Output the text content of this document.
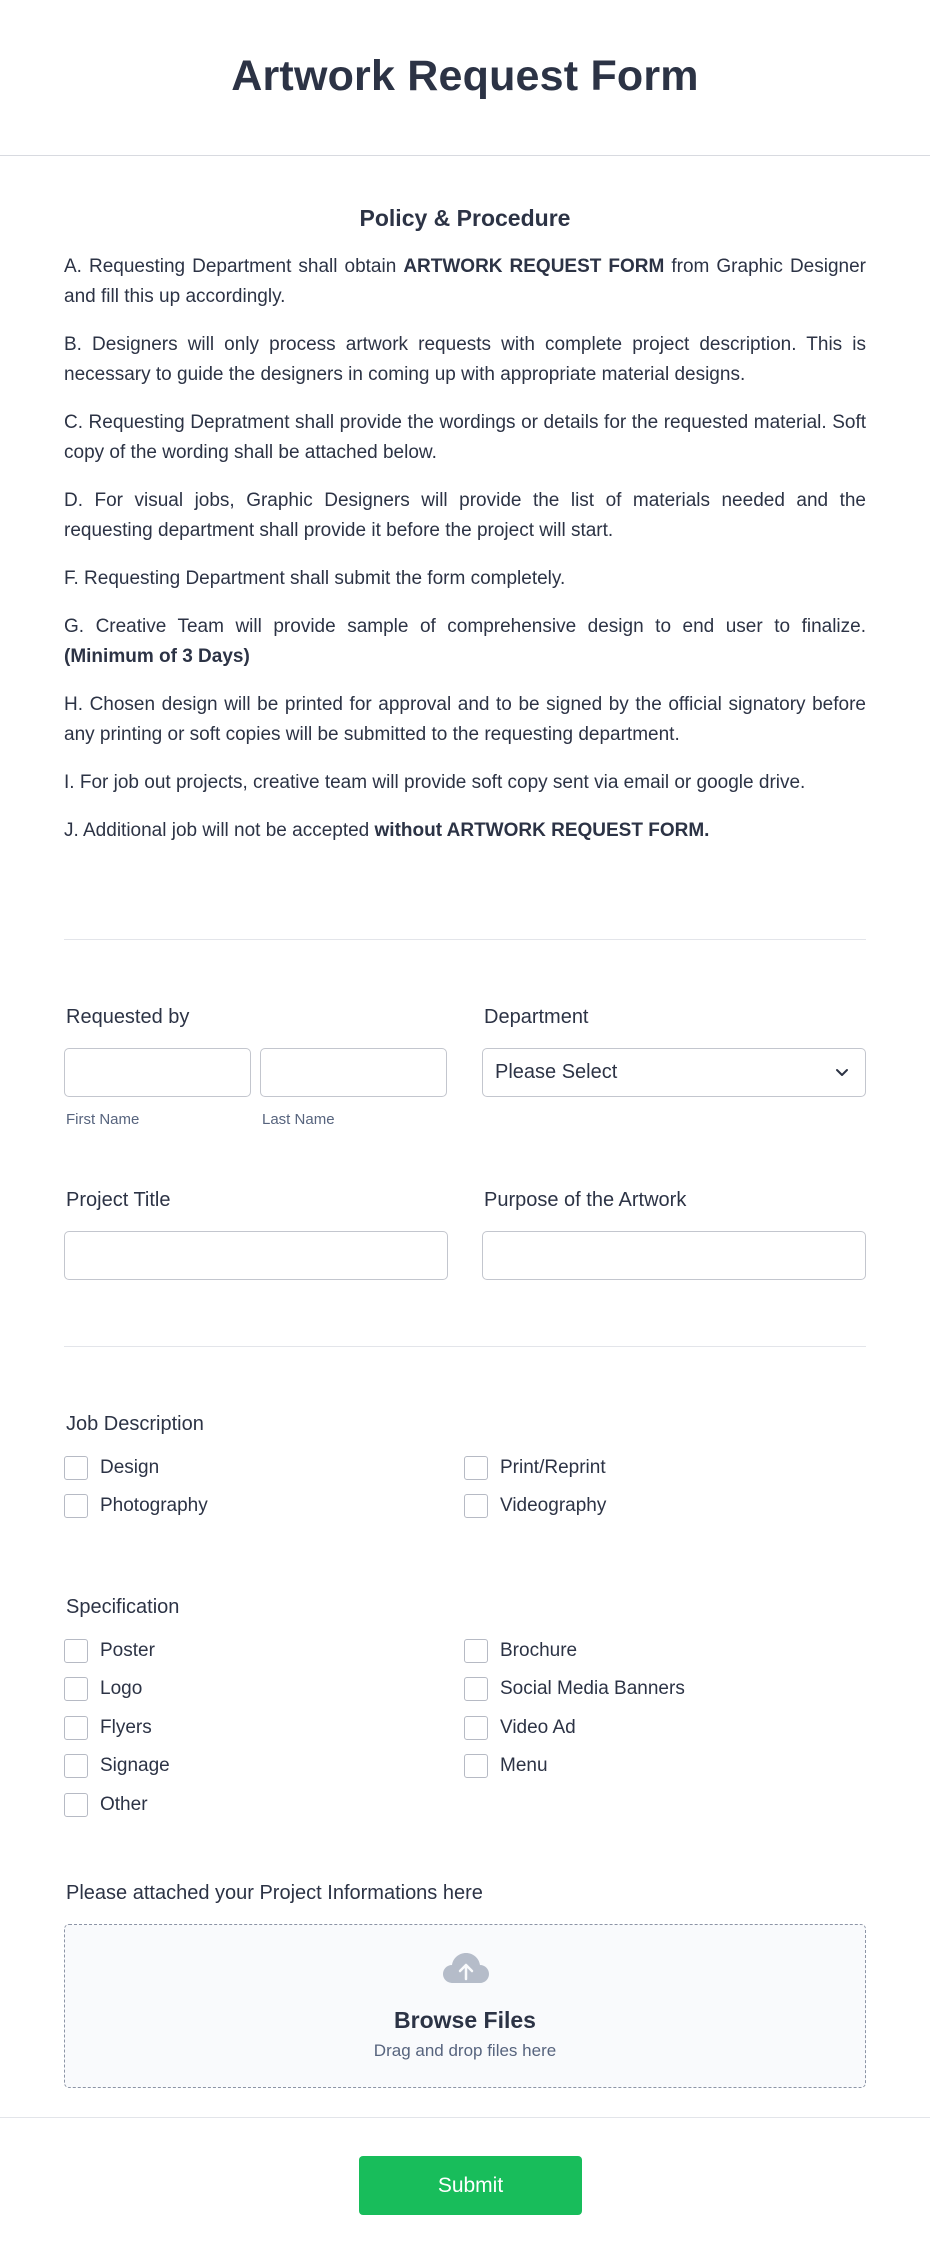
Artwork Request Form
Policy & Procedure

A. Requesting Department shall obtain ARTWORK REQUEST FORM from Graphic Designer and fill this up accordingly.

B. Designers will only process artwork requests with complete project description. This is necessary to guide the designers in coming up with appropriate material designs.

C. Requesting Depratment shall provide the wordings or details for the requested material. Soft copy of the wording shall be attached below.

D. For visual jobs, Graphic Designers will provide the list of materials needed and the requesting department shall provide it before the project will start.

F. Requesting Department shall submit the form completely.

G. Creative Team will provide sample of comprehensive design to end user to finalize. (Minimum of 3 Days)

H. Chosen design will be printed for approval and to be signed by the official signatory before any printing or soft copies will be submitted to the requesting department.

I. For job out projects, creative team will provide soft copy sent via email or google drive.

J. Additional job will not be accepted without ARTWORK REQUEST FORM.

Requested by
First Name	Last Name
Department
Please Select
Project Title	Purpose of the Artwork
Job Description
Design	Print/Reprint
Photography	Videography
Specification
Poster	Brochure
Logo	Social Media Banners
Flyers	Video Ad
Signage	Menu
Other
Please attached your Project Informations here
Browse Files
Drag and drop files here
Submit
